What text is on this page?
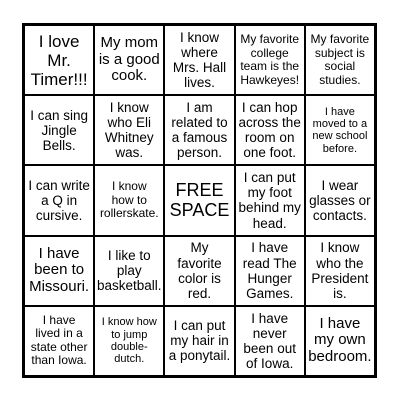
I love
Mr.
Timer!!!
My mom
is a good
cook.
I know
where
Mrs. Hall
lives.
My favorite
college
team is the
Hawkeyes!
My favorite
subject is
social
studies.
I can sing
Jingle
Bells.
I know
who Eli
Whitney
was.
I am
related to
a famous
person.
I can hop
across the
room on
one foot.
I have
moved to a
new school
before.
I can write
a Q in
cursive.
I know
how to
rollerskate.
FREE
SPACE
I can put
my foot
behind my
head.
I wear
glasses or
contacts.
I have
been to
Missouri.
I like to
play
basketball.
My
favorite
color is
red.
I have
read The
Hunger
Games.
I know
who the
President
is.
I have
lived in a
state other
than Iowa.
I know how
to jump
double-
dutch.
I can put
my hair in
a ponytail.
I have
never
been out
of Iowa.
I have
my own
bedroom.
